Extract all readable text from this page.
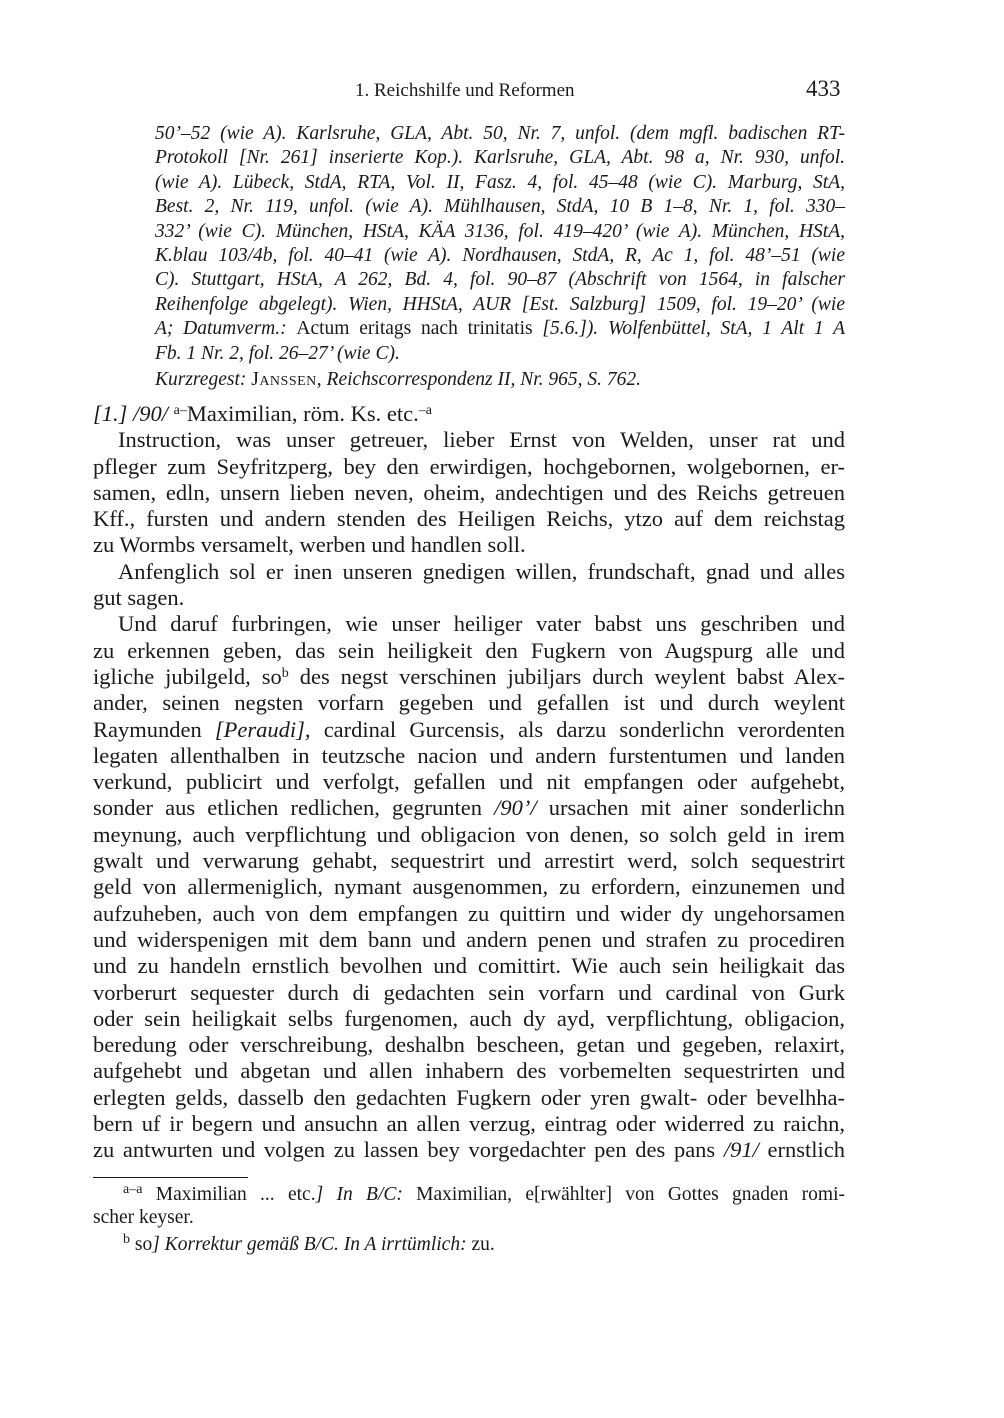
1. Reichshilfe und Reformen	433
50’–52 (wie A). Karlsruhe, GLA, Abt. 50, Nr. 7, unfol. (dem mgfl. badischen RT-
Protokoll [Nr. 261] inserierte Kop.). Karlsruhe, GLA, Abt. 98 a, Nr. 930, unfol.
(wie A). Lübeck, StdA, RTA, Vol. II, Fasz. 4, fol. 45–48 (wie C). Marburg, StA,
Best. 2, Nr. 119, unfol. (wie A). Mühlhausen, StdA, 10 B 1–8, Nr. 1, fol. 330–
332’ (wie C). München, HStA, KÄA 3136, fol. 419–420’ (wie A). München, HStA,
K.blau 103/4b, fol. 40–41 (wie A). Nordhausen, StdA, R, Ac 1, fol. 48’–51 (wie
C). Stuttgart, HStA, A 262, Bd. 4, fol. 90–87 (Abschrift von 1564, in falscher
Reihenfolge abgelegt). Wien, HHStA, AUR [Est. Salzburg] 1509, fol. 19–20’ (wie
A; Datumverm.: Actum eritags nach trinitatis [5.6.]). Wolfenbüttel, StA, 1 Alt 1 A
Fb. 1 Nr. 2, fol. 26–27’ (wie C).
Kurzregest: Janssen, Reichscorrespondenz II, Nr. 965, S. 762.
[1.] /90/ $^{a-}$Maximilian, röm. Ks. etc.$^{-a}$
Instruction, was unser getreuer, lieber Ernst von Welden, unser rat und
pfleger zum Seyfritzperg, bey den erwirdigen, hochgebornen, wolgebornen, er-
samen, edln, unsern lieben neven, oheim, andechtigen und des Reichs getreuen
Kff., fursten und andern stenden des Heiligen Reichs, ytzo auf dem reichstag
zu Wormbs versamelt, werben und handlen soll.
Anfenglich sol er inen unseren gnedigen willen, frundschaft, gnad und alles
gut sagen.
Und daruf furbringen, wie unser heiliger vater babst uns geschriben und
zu erkennen geben, das sein heiligkeit den Fugkern von Augspurg alle und
igliche jubilgeld, $so^b$ des negst verschinen jubiljars durch weylent babst Alex-
ander, seinen negsten vorfarn gegeben und gefallen ist und durch weylent
Raymunden [Peraudi], cardinal Gurcensis, als darzu sonderlichn verordenten
legaten allenthalben in teutzsche nacion und andern furstentumen und landen
verkund, publicirt und verfolgt, gefallen und nit empfangen oder aufgehebt,
sonder aus etlichen redlichen, gegrunten /90’/ ursachen mit ainer sonderlichn
meynung, auch verpflichtung und obligacion von denen, so solch geld in irem
gwalt und verwarung gehabt, sequestrirt und arrestirt werd, solch sequestrirt
geld von allermeniglich, nymant ausgenommen, zu erfordern, einzunemen und
aufzuheben, auch von dem empfangen zu quittirn und wider dy ungehorsamen
und widerspenigen mit dem bann und andern penen und strafen zu procediren
und zu handeln ernstlich bevolhen und comittirt. Wie auch sein heiligkait das
vorberurt sequester durch di gedachten sein vorfarn und cardinal von Gurk
oder sein heiligkait selbs furgenomen, auch dy ayd, verpflichtung, obligacion,
beredung oder verschreibung, deshalbn bescheen, getan und gegeben, relaxirt,
aufgehebt und abgetan und allen inhabern des vorbemelten sequestrirten und
erlegten gelds, dasselb den gedachten Fugkern oder yren gwalt- oder bevelhha-
bern uf ir begern und ansuchn an allen verzug, eintrag oder widerred zu raichn,
zu antwurten und volgen zu lassen bey vorgedachter pen des pans /91/ ernstlich
$^{a-a}$ Maximilian ... etc.] In B/C: Maximilian, e[rwählter] von Gottes gnaden romi-
scher keyser.
$^b$ so] Korrektur gemäß B/C. In A irrtümlich: zu.
